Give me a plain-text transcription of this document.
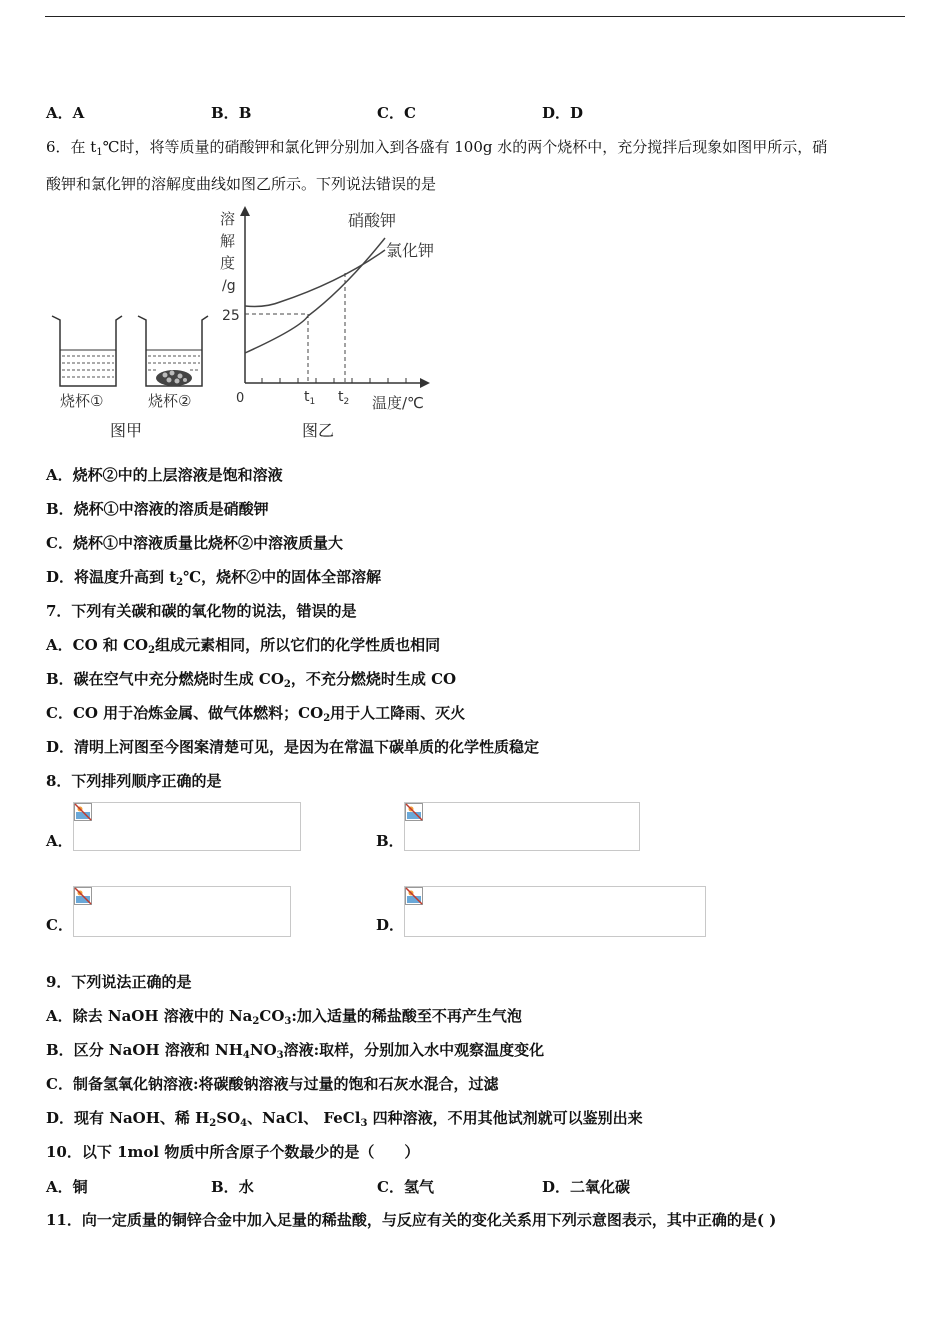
A．A	B．B	C．C	D．D
6．在 $t_1℃$时，将等质量的硝酸钾和氯化钾分别加入到各盛有 100g 水的两个烧杯中，充分搅拌后现象如图甲所示，硝
酸钾和氯化钾的溶解度曲线如图乙所示。下列说法错误的是
烧杯①	烧杯②
图甲
溶
解
度
/g
25
0	$t_1$ $t_2$ 温度/℃
硝酸钾
氯化钾
图乙
A．烧杯②中的上层溶液是饱和溶液
B．烧杯①中溶液的溶质是硝酸钾
C．烧杯①中溶液质量比烧杯②中溶液质量大
D．将温度升高到 $t_2℃$，烧杯②中的固体全部溶解
7．下列有关碳和碳的氧化物的说法，错误的是
A．CO 和 $CO_2$组成元素相同，所以它们的化学性质也相同
B．碳在空气中充分燃烧时生成 $CO_2$，不充分燃烧时生成 CO
C．CO 用于冶炼金属、做气体燃料；$CO_2$用于人工降雨、灭火
D．清明上河图至今图案清楚可见，是因为在常温下碳单质的化学性质稳定
8．下列排列顺序正确的是
A．	B．
C．	D．
9．下列说法正确的是
A．除去 NaOH 溶液中的 $Na_2CO_3$:加入适量的稀盐酸至不再产生气泡
B．区分 NaOH 溶液和 $NH_4NO_3$溶液:取样，分别加入水中观察温度变化
C．制备氢氧化钠溶液:将碳酸钠溶液与过量的饱和石灰水混合，过滤
D．现有 NaOH、稀 $H_2SO_4$、NaCl、 FeCl$_3$ 四种溶液，不用其他试剂就可以鉴别出来
10．以下 1mol 物质中所含原子个数最少的是（　　）
A．铜	B．水	C．氢气	D．二氧化碳
11．向一定质量的铜锌合金中加入足量的稀盐酸，与反应有关的变化关系用下列示意图表示，其中正确的是( )
